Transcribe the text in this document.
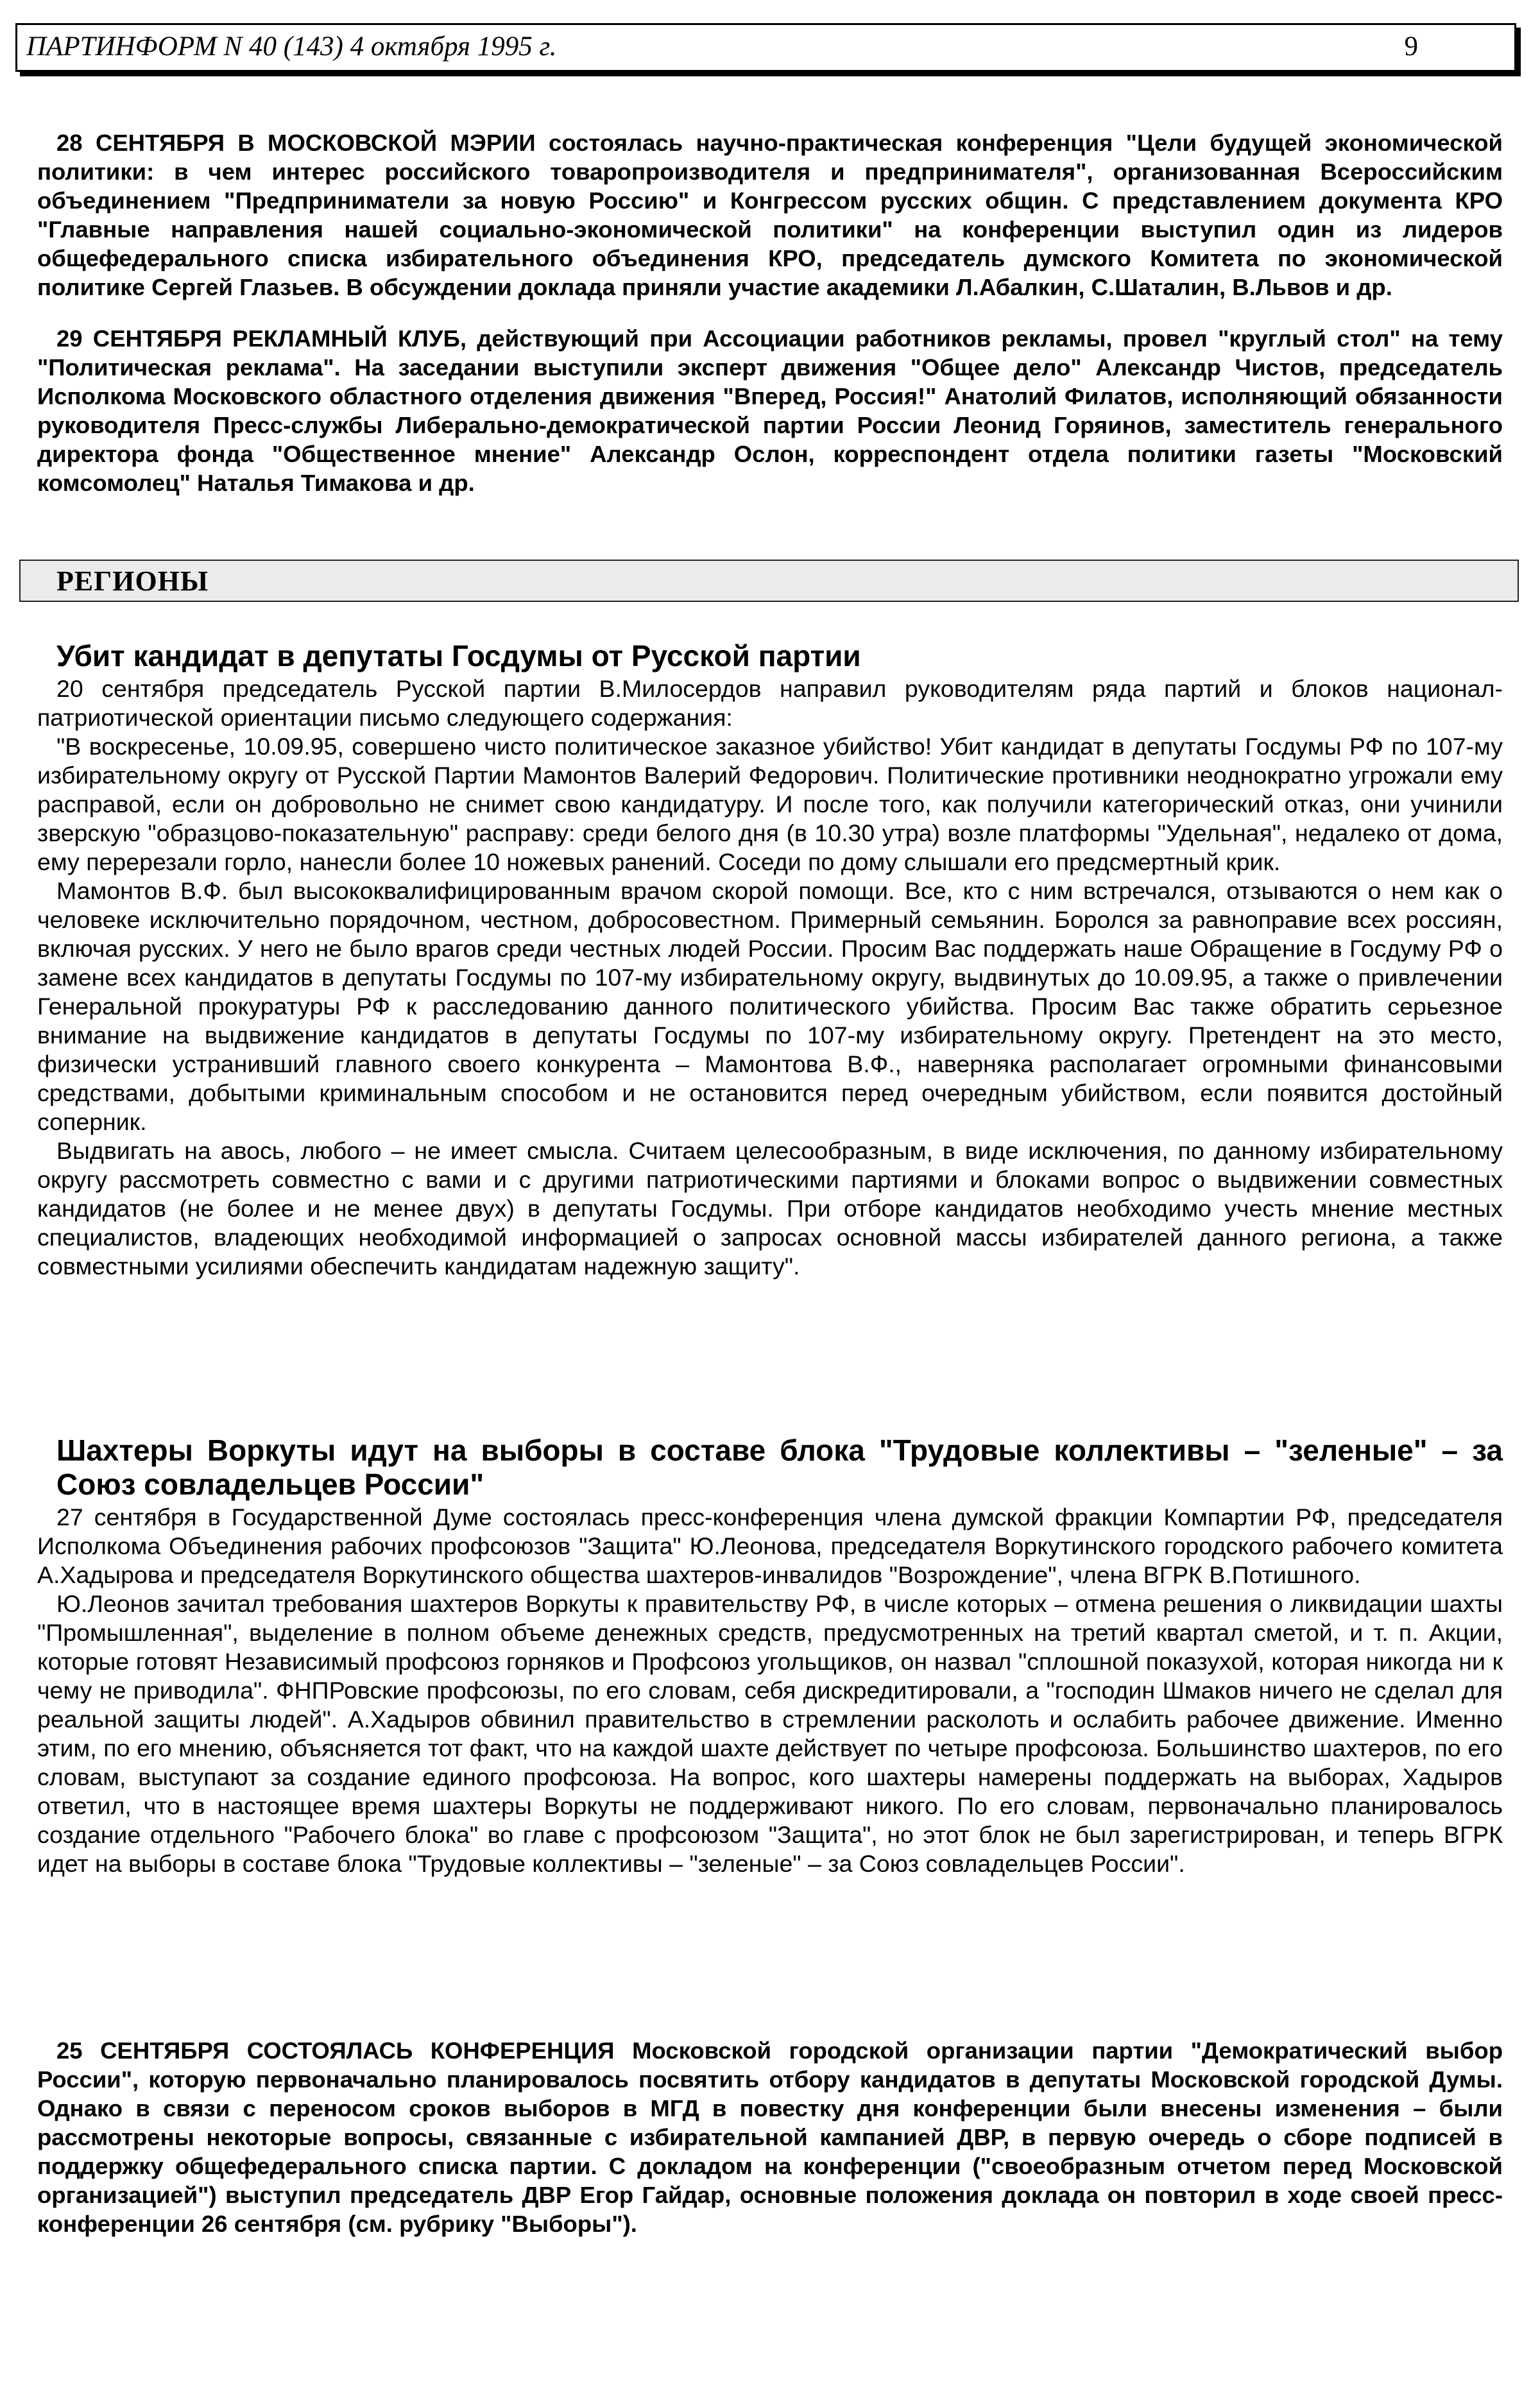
ПАРТИНФОРМ N 40 (143) 4 октября 1995 г.	9

28 СЕНТЯБРЯ В МОСКОВСКОЙ МЭРИИ состоялась научно-практическая конференция "Цели будущей экономической политики: в чем интерес российского товаропроизводителя и предпринимателя", организованная Всероссийским объединением "Предприниматели за новую Россию" и Конгрессом русских общин. С представлением документа КРО "Главные направления нашей социально-экономической политики" на конференции выступил один из лидеров общефедерального списка избирательного объединения КРО, председатель думского Комитета по экономической политике Сергей Глазьев. В обсуждении доклада приняли участие академики Л.Абалкин, С.Шаталин, В.Львов и др.

29 СЕНТЯБРЯ РЕКЛАМНЫЙ КЛУБ, действующий при Ассоциации работников рекламы, провел "круглый стол" на тему "Политическая реклама". На заседании выступили эксперт движения "Общее дело" Александр Чистов, председатель Исполкома Московского областного отделения движения "Вперед, Россия!" Анатолий Филатов, исполняющий обязанности руководителя Пресс-службы Либерально-демократической партии России Леонид Горяинов, заместитель генерального директора фонда "Общественное мнение" Александр Ослон, корреспондент отдела политики газеты "Московский комсомолец" Наталья Тимакова и др.

РЕГИОНЫ
Убит кандидат в депутаты Госдумы от Русской партии

20 сентября председатель Русской партии В.Милосердов направил руководителям ряда партий и блоков национал-патриотической ориентации письмо следующего содержания:

"В воскресенье, 10.09.95, совершено чисто политическое заказное убийство! Убит кандидат в депутаты Госдумы РФ по 107-му избирательному округу от Русской Партии Мамонтов Валерий Федорович. Политические противники неоднократно угрожали ему расправой, если он добровольно не снимет свою кандидатуру. И после того, как получили категорический отказ, они учинили зверскую "образцово-показательную" расправу: среди белого дня (в 10.30 утра) возле платформы "Удельная", недалеко от дома, ему перерезали горло, нанесли более 10 ножевых ранений. Соседи по дому слышали его предсмертный крик.

Мамонтов В.Ф. был высококвалифицированным врачом скорой помощи. Все, кто с ним встречался, отзываются о нем как о человеке исключительно порядочном, честном, добросовестном. Примерный семьянин. Боролся за равноправие всех россиян, включая русских. У него не было врагов среди честных людей России. Просим Вас поддержать наше Обращение в Госдуму РФ о замене всех кандидатов в депутаты Госдумы по 107-му избирательному округу, выдвинутых до 10.09.95, а также о привлечении Генеральной прокуратуры РФ к расследованию данного политического убийства. Просим Вас также обратить серьезное внимание на выдвижение кандидатов в депутаты Госдумы по 107-му избирательному округу. Претендент на это место, физически устранивший главного своего конкурента – Мамонтова В.Ф., наверняка располагает огромными финансовыми средствами, добытыми криминальным способом и не остановится перед очередным убийством, если появится достойный соперник.

Выдвигать на авось, любого – не имеет смысла. Считаем целесообразным, в виде исключения, по данному избирательному округу рассмотреть совместно с вами и с другими патриотическими партиями и блоками вопрос о выдвижении совместных кандидатов (не более и не менее двух) в депутаты Госдумы. При отборе кандидатов необходимо учесть мнение местных специалистов, владеющих необходимой информацией о запросах основной массы избирателей данного региона, а также совместными усилиями обеспечить кандидатам надежную защиту".

Шахтеры Воркуты идут на выборы в составе блока "Трудовые коллективы – "зеленые" – за Союз совладельцев России"

27 сентября в Государственной Думе состоялась пресс-конференция члена думской фракции Компартии РФ, председателя Исполкома Объединения рабочих профсоюзов "Защита" Ю.Леонова, председателя Воркутинского городского рабочего комитета А.Хадырова и председателя Воркутинского общества шахтеров-инвалидов "Возрождение", члена ВГРК В.Потишного.

Ю.Леонов зачитал требования шахтеров Воркуты к правительству РФ, в числе которых – отмена решения о ликвидации шахты "Промышленная", выделение в полном объеме денежных средств, предусмотренных на третий квартал сметой, и т. п. Акции, которые готовят Независимый профсоюз горняков и Профсоюз угольщиков, он назвал "сплошной показухой, которая никогда ни к чему не приводила". ФНПРовские профсоюзы, по его словам, себя дискредитировали, а "господин Шмаков ничего не сделал для реальной защиты людей". А.Хадыров обвинил правительство в стремлении расколоть и ослабить рабочее движение. Именно этим, по его мнению, объясняется тот факт, что на каждой шахте действует по четыре профсоюза. Большинство шахтеров, по его словам, выступают за создание единого профсоюза. На вопрос, кого шахтеры намерены поддержать на выборах, Хадыров ответил, что в настоящее время шахтеры Воркуты не поддерживают никого. По его словам, первоначально планировалось создание отдельного "Рабочего блока" во главе с профсоюзом "Защита", но этот блок не был зарегистрирован, и теперь ВГРК идет на выборы в составе блока "Трудовые коллективы – "зеленые" – за Союз совладельцев России".

25 СЕНТЯБРЯ СОСТОЯЛАСЬ КОНФЕРЕНЦИЯ Московской городской организации партии "Демократический выбор России", которую первоначально планировалось посвятить отбору кандидатов в депутаты Московской городской Думы. Однако в связи с переносом сроков выборов в МГД в повестку дня конференции были внесены изменения – были рассмотрены некоторые вопросы, связанные с избирательной кампанией ДВР, в первую очередь о сборе подписей в поддержку общефедерального списка партии. С докладом на конференции ("своеобразным отчетом перед Московской организацией") выступил председатель ДВР Егор Гайдар, основные положения доклада он повторил в ходе своей пресс-конференции 26 сентября (см. рубрику "Выборы").
